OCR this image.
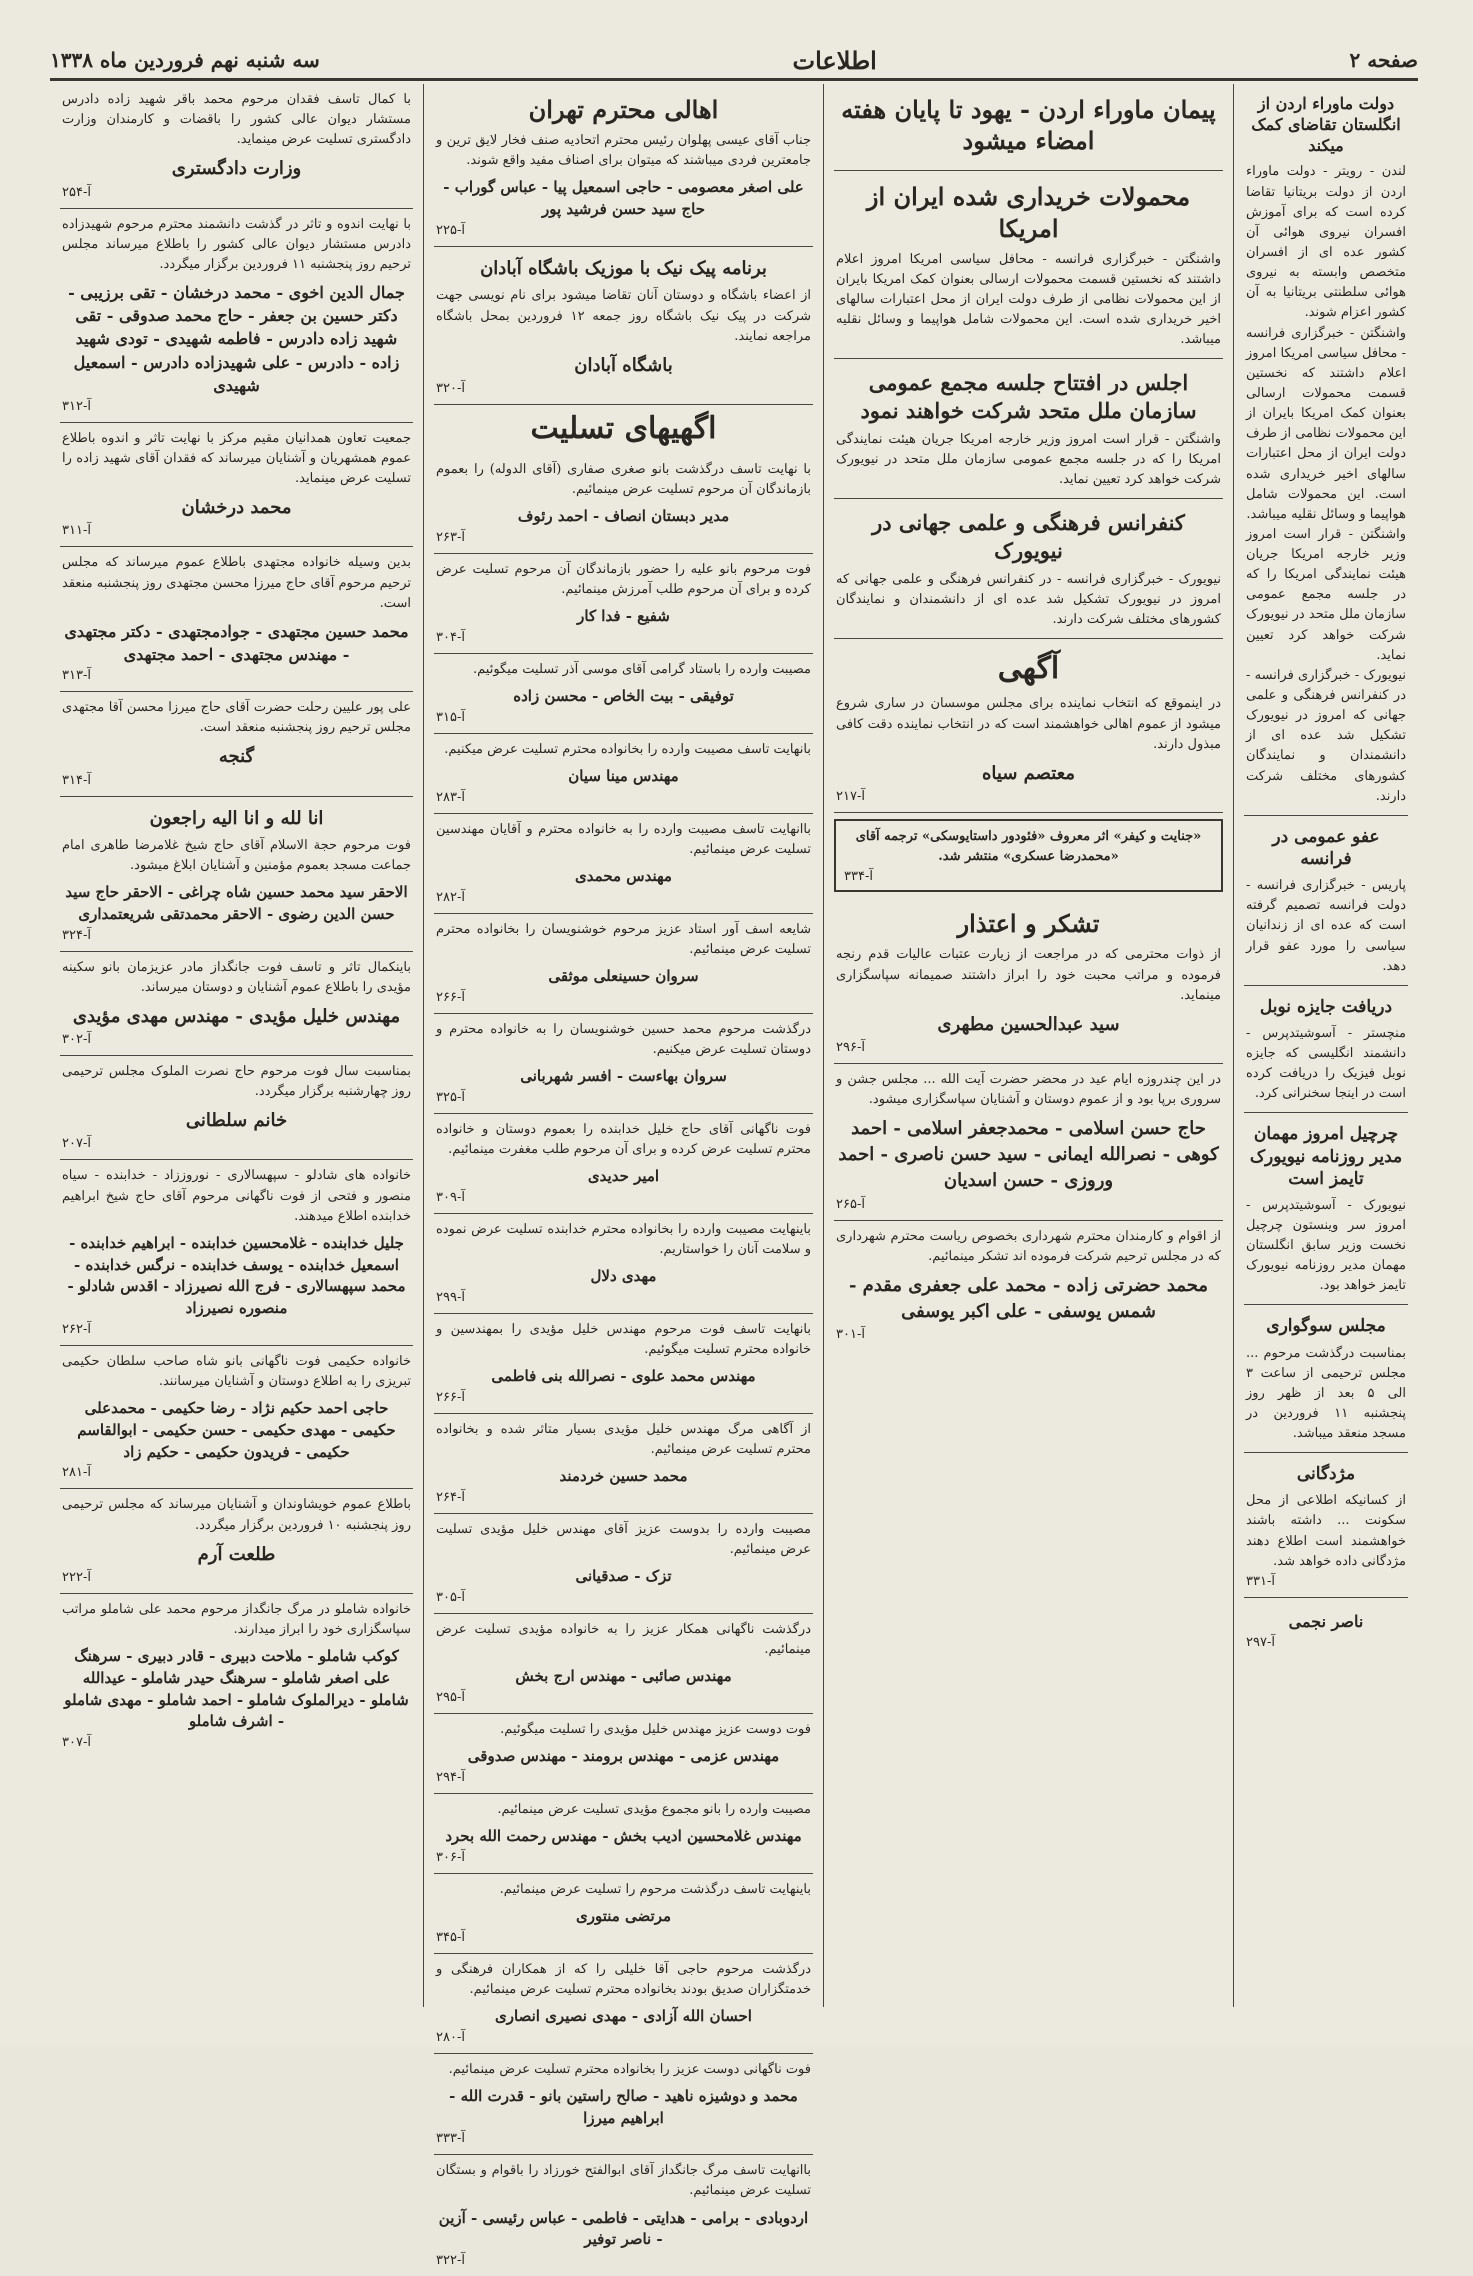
صفحه ۲
اطلاعات
سه شنبه نهم فروردین ماه ۱۳۳۸
دولت ماوراء اردن از انگلستان تقاضای کمک میکند

لندن - رویتر - دولت ماوراء اردن از دولت بریتانیا تقاضا کرده است که برای آموزش افسران نیروی هوائی آن کشور عده ای از افسران متخصص وابسته به نیروی هوائی سلطنتی بریتانیا به آن کشور اعزام شوند.

واشنگتن - خبرگزاری فرانسه - محافل سیاسی امریکا امروز اعلام داشتند که نخستین قسمت محمولات ارسالی بعنوان کمک امریکا بایران از این محمولات نظامی از طرف دولت ایران از محل اعتبارات سالهای اخیر خریداری شده است. این محمولات شامل هواپیما و وسائل نقلیه میباشد.

واشنگتن - قرار است امروز وزیر خارجه امریکا جریان هیئت نمایندگی امریکا را که در جلسه مجمع عمومی سازمان ملل متحد در نیویورک شرکت خواهد کرد تعیین نماید.

نیویورک - خبرگزاری فرانسه - در کنفرانس فرهنگی و علمی جهانی که امروز در نیویورک تشکیل شد عده ای از دانشمندان و نمایندگان کشورهای مختلف شرکت دارند.

عفو عمومی در فرانسه

پاریس - خبرگزاری فرانسه - دولت فرانسه تصمیم گرفته است که عده ای از زندانیان سیاسی را مورد عفو قرار دهد.

دریافت جایزه نوبل

منچستر - آسوشیتدپرس - دانشمند انگلیسی که جایزه نوبل فیزیک را دریافت کرده است در اینجا سخنرانی کرد.

چرچیل امروز مهمان مدیر روزنامه نیویورک تایمز است

نیویورک - آسوشیتدپرس - امروز سر وینستون چرچیل نخست وزیر سابق انگلستان مهمان مدیر روزنامه نیویورک تایمز خواهد بود.

مجلس سوگواری

بمناسبت درگذشت مرحوم ... مجلس ترحیمی از ساعت ۳ الی ۵ بعد از ظهر روز پنجشنبه ۱۱ فروردین در مسجد منعقد میباشد.

مژدگانی

از کسانیکه اطلاعی از محل سکونت ... داشته باشند خواهشمند است اطلاع دهند مژدگانی داده خواهد شد.

۳۳۱-آ
ناصر نجمی
۲۹۷-آ
پیمان ماوراء اردن - یهود تا پایان هفته امضاء میشود
محمولات خریداری شده ایران از امریکا

واشنگتن - خبرگزاری فرانسه - محافل سیاسی امریکا امروز اعلام داشتند که نخستین قسمت محمولات ارسالی بعنوان کمک امریکا بایران از این محمولات نظامی از طرف دولت ایران از محل اعتبارات سالهای اخیر خریداری شده است. این محمولات شامل هواپیما و وسائل نقلیه میباشد.

اجلس در افتتاح جلسه مجمع عمومی سازمان ملل متحد شرکت خواهند نمود

واشنگتن - قرار است امروز وزیر خارجه امریکا جریان هیئت نمایندگی امریکا را که در جلسه مجمع عمومی سازمان ملل متحد در نیویورک شرکت خواهد کرد تعیین نماید.

کنفرانس فرهنگی و علمی جهانی در نیویورک

نیویورک - خبرگزاری فرانسه - در کنفرانس فرهنگی و علمی جهانی که امروز در نیویورک تشکیل شد عده ای از دانشمندان و نمایندگان کشورهای مختلف شرکت دارند.

آگهی

در اینموقع که انتخاب نماینده برای مجلس موسسان در ساری شروع میشود از عموم اهالی خواهشمند است که در انتخاب نماینده دقت کافی مبذول دارند.

معتصم سیاه
۲۱۷-آ

«جنایت و کیفر» اثر معروف «فئودور داستایوسکی» ترجمه آقای «محمدرضا عسکری» منتشر شد.

۳۳۴-آ
تشکر و اعتذار

از ذوات محترمی که در مراجعت از زیارت عتبات عالیات قدم رنجه فرموده و مراتب محبت خود را ابراز داشتند صمیمانه سپاسگزاری مینماید.

سید عبدالحسین مطهری
۲۹۶-آ

در این چندروزه ایام عید در محضر حضرت آیت الله ... مجلس جشن و سروری برپا بود و از عموم دوستان و آشنایان سپاسگزاری میشود.

حاج حسن اسلامی - محمدجعفر اسلامی - احمد کوهی - نصرالله ایمانی - سید حسن ناصری - احمد وروزی - حسن اسدیان
۲۶۵-آ

از اقوام و کارمندان محترم شهرداری بخصوص ریاست محترم شهرداری که در مجلس ترحیم شرکت فرموده اند تشکر مینمائیم.

محمد حضرتی زاده - محمد علی جعفری مقدم - شمس یوسفی - علی اکبر یوسفی
۳۰۱-آ
اهالی محترم تهران

جناب آقای عیسی پهلوان رئیس محترم اتحادیه صنف فخار لایق ترین و جامعترین فردی میباشند که میتوان برای اصناف مفید واقع شوند.

علی اصغر معصومی - حاجی اسمعیل پیا - عباس گوراب - حاج سید حسن فرشید پور
۲۲۵-آ
برنامه پیک نیک با موزیک باشگاه آبادان

از اعضاء باشگاه و دوستان آنان تقاضا میشود برای نام نویسی جهت شرکت در پیک نیک باشگاه روز جمعه ۱۲ فروردین بمحل باشگاه مراجعه نمایند.

باشگاه آبادان
۳۲۰-آ
اگهیهای تسلیت

با نهایت تاسف درگذشت بانو صغری صفاری (آقای الدوله) را بعموم بازماندگان آن مرحوم تسلیت عرض مینمائیم.

مدیر دبستان انصاف - احمد رئوف
۲۶۳-آ

فوت مرحوم بانو علیه را حضور بازماندگان آن مرحوم تسلیت عرض کرده و برای آن مرحوم طلب آمرزش مینمائیم.

شفیع - فدا کار
۳۰۴-آ

مصیبت وارده را باستاد گرامی آقای موسی آذر تسلیت میگوئیم.

توفیقی - بیت الخاص - محسن زاده
۳۱۵-آ

بانهایت تاسف مصیبت وارده را بخانواده محترم تسلیت عرض میکنیم.

مهندس مینا سیان
۲۸۳-آ

باانهایت تاسف مصیبت وارده را به خانواده محترم و آقایان مهندسین تسلیت عرض مینمائیم.

مهندس محمدی
۲۸۲-آ

شایعه اسف آور استاد عزیز مرحوم خوشنویسان را بخانواده محترم تسلیت عرض مینمائیم.

سروان حسینعلی موثقی
۲۶۶-آ

درگذشت مرحوم محمد حسین خوشنویسان را به خانواده محترم و دوستان تسلیت عرض میکنیم.

سروان بهاءست - افسر شهربانی
۳۲۵-آ

فوت ناگهانی آقای حاج خلیل خدابنده را بعموم دوستان و خانواده محترم تسلیت عرض کرده و برای آن مرحوم طلب مغفرت مینمائیم.

امیر حدیدی
۳۰۹-آ

باینهایت مصیبت وارده را بخانواده محترم خدابنده تسلیت عرض نموده و سلامت آنان را خواستاریم.

مهدی دلال
۲۹۹-آ

بانهایت تاسف فوت مرحوم مهندس خلیل مؤیدی را بمهندسین و خانواده محترم تسلیت میگوئیم.

مهندس محمد علوی - نصرالله بنی فاطمی
۲۶۶-آ

از آگاهی مرگ مهندس خلیل مؤیدی بسیار متاثر شده و بخانواده محترم تسلیت عرض مینمائیم.

محمد حسین خردمند
۲۶۴-آ

مصیبت وارده را بدوست عزیز آقای مهندس خلیل مؤیدی تسلیت عرض مینمائیم.

تزک - صدقیانی
۳۰۵-آ

درگذشت ناگهانی همکار عزیز را به خانواده مؤیدی تسلیت عرض مینمائیم.

مهندس صائبی - مهندس ارج بخش
۲۹۵-آ

فوت دوست عزیز مهندس خلیل مؤیدی را تسلیت میگوئیم.

مهندس عزمی - مهندس برومند - مهندس صدوقی
۲۹۴-آ

مصیبت وارده را بانو مجموع مؤیدی تسلیت عرض مینمائیم.

مهندس غلامحسین ادیب بخش - مهندس رحمت الله بحرد
۳۰۶-آ

باینهایت تاسف درگذشت مرحوم را تسلیت عرض مینمائیم.

مرتضی منتوری
۳۴۵-آ

درگذشت مرحوم حاجی آقا خلیلی را که از همکاران فرهنگی و خدمتگزاران صدیق بودند بخانواده محترم تسلیت عرض مینمائیم.

احسان الله آزادی - مهدی نصیری انصاری
۲۸۰-آ

فوت ناگهانی دوست عزیز را بخانواده محترم تسلیت عرض مینمائیم.

محمد و دوشیزه ناهید - صالح راستین بانو - قدرت الله - ابراهیم میرزا
۳۳۳-آ

باانهایت تاسف مرگ جانگداز آقای ابوالفتح خورزاد را باقوام و بستگان تسلیت عرض مینمائیم.

اردوبادی - برامی - هدایتی - فاطمی - عباس رئیسی - آزین - ناصر توفیر
۳۲۲-آ

با کمال تاسف فقدان مرحوم محمد باقر شهید زاده دادرس مستشار دیوان عالی کشور را باقضات و کارمندان وزارت دادگستری تسلیت عرض مینماید.

وزارت دادگستری
۲۵۴-آ

با نهایت اندوه و تاثر در گذشت دانشمند محترم مرحوم شهیدزاده دادرس مستشار دیوان عالی کشور را باطلاع میرساند مجلس ترحیم روز پنجشنبه ۱۱ فروردین برگزار میگردد.

جمال الدین اخوی - محمد درخشان - تقی برزیبی - دکتر حسین بن جعفر - حاج محمد صدوقی - تقی شهید زاده دادرس - فاطمه شهیدی - تودی شهید زاده - دادرس - علی شهیدزاده دادرس - اسمعیل شهیدی
۳۱۲-آ

جمعیت تعاون همدانیان مقیم مرکز با نهایت تاثر و اندوه باطلاع عموم همشهریان و آشنایان میرساند که فقدان آقای شهید زاده را تسلیت عرض مینماید.

محمد درخشان
۳۱۱-آ

بدین وسیله خانواده مجتهدی باطلاع عموم میرساند که مجلس ترحیم مرحوم آقای حاج میرزا محسن مجتهدی روز پنجشنبه منعقد است.

محمد حسین مجتهدی - جوادمجتهدی - دکتر مجتهدی - مهندس مجتهدی - احمد مجتهدی
۳۱۳-آ

علی پور علیین رحلت حضرت آقای حاج میرزا محسن آقا مجتهدی مجلس ترحیم روز پنجشنبه منعقد است.

گنجه
۳۱۴-آ
انا لله و انا الیه راجعون

فوت مرحوم حجة الاسلام آقای حاج شیخ غلامرضا طاهری امام جماعت مسجد بعموم مؤمنین و آشنایان ابلاغ میشود.

الاحقر سید محمد حسین شاه چراغی - الاحقر حاج سید حسن الدین رضوی - الاحقر محمدتقی شریعتمداری
۳۲۴-آ

باینکمال تاثر و تاسف فوت جانگداز مادر عزیزمان بانو سکینه مؤیدی را باطلاع عموم آشنایان و دوستان میرساند.

مهندس خلیل مؤیدی - مهندس مهدی مؤیدی
۳۰۲-آ

بمناسبت سال فوت مرحوم حاج نصرت الملوک مجلس ترحیمی روز چهارشنبه برگزار میگردد.

خانم سلطانی
۲۰۷-آ

خانواده های شادلو - سپهسالاری - نوروززاد - خدابنده - سیاه منصور و فتحی از فوت ناگهانی مرحوم آقای حاج شیخ ابراهیم خدابنده اطلاع میدهند.

جلیل خدابنده - غلامحسین خدابنده - ابراهیم خدابنده - اسمعیل خدابنده - یوسف خدابنده - نرگس خدابنده - محمد سپهسالاری - فرج الله نصیرزاد - اقدس شادلو - منصوره نصیرزاد
۲۶۲-آ

خانواده حکیمی فوت ناگهانی بانو شاه صاحب سلطان حکیمی تبریزی را به اطلاع دوستان و آشنایان میرسانند.

حاجی احمد حکیم نژاد - رضا حکیمی - محمدعلی حکیمی - مهدی حکیمی - حسن حکیمی - ابوالقاسم حکیمی - فریدون حکیمی - حکیم زاد
۲۸۱-آ

باطلاع عموم خویشاوندان و آشنایان میرساند که مجلس ترحیمی روز پنجشنبه ۱۰ فروردین برگزار میگردد.

طلعت آرم
۲۲۲-آ

خانواده شاملو در مرگ جانگداز مرحوم محمد علی شاملو مراتب سپاسگزاری خود را ابراز میدارند.

کوکب شاملو - ملاحت دبیری - قادر دبیری - سرهنگ علی اصغر شاملو - سرهنگ حیدر شاملو - عیدالله شاملو - دیرالملوک شاملو - احمد شاملو - مهدی شاملو - اشرف شاملو
۳۰۷-آ
